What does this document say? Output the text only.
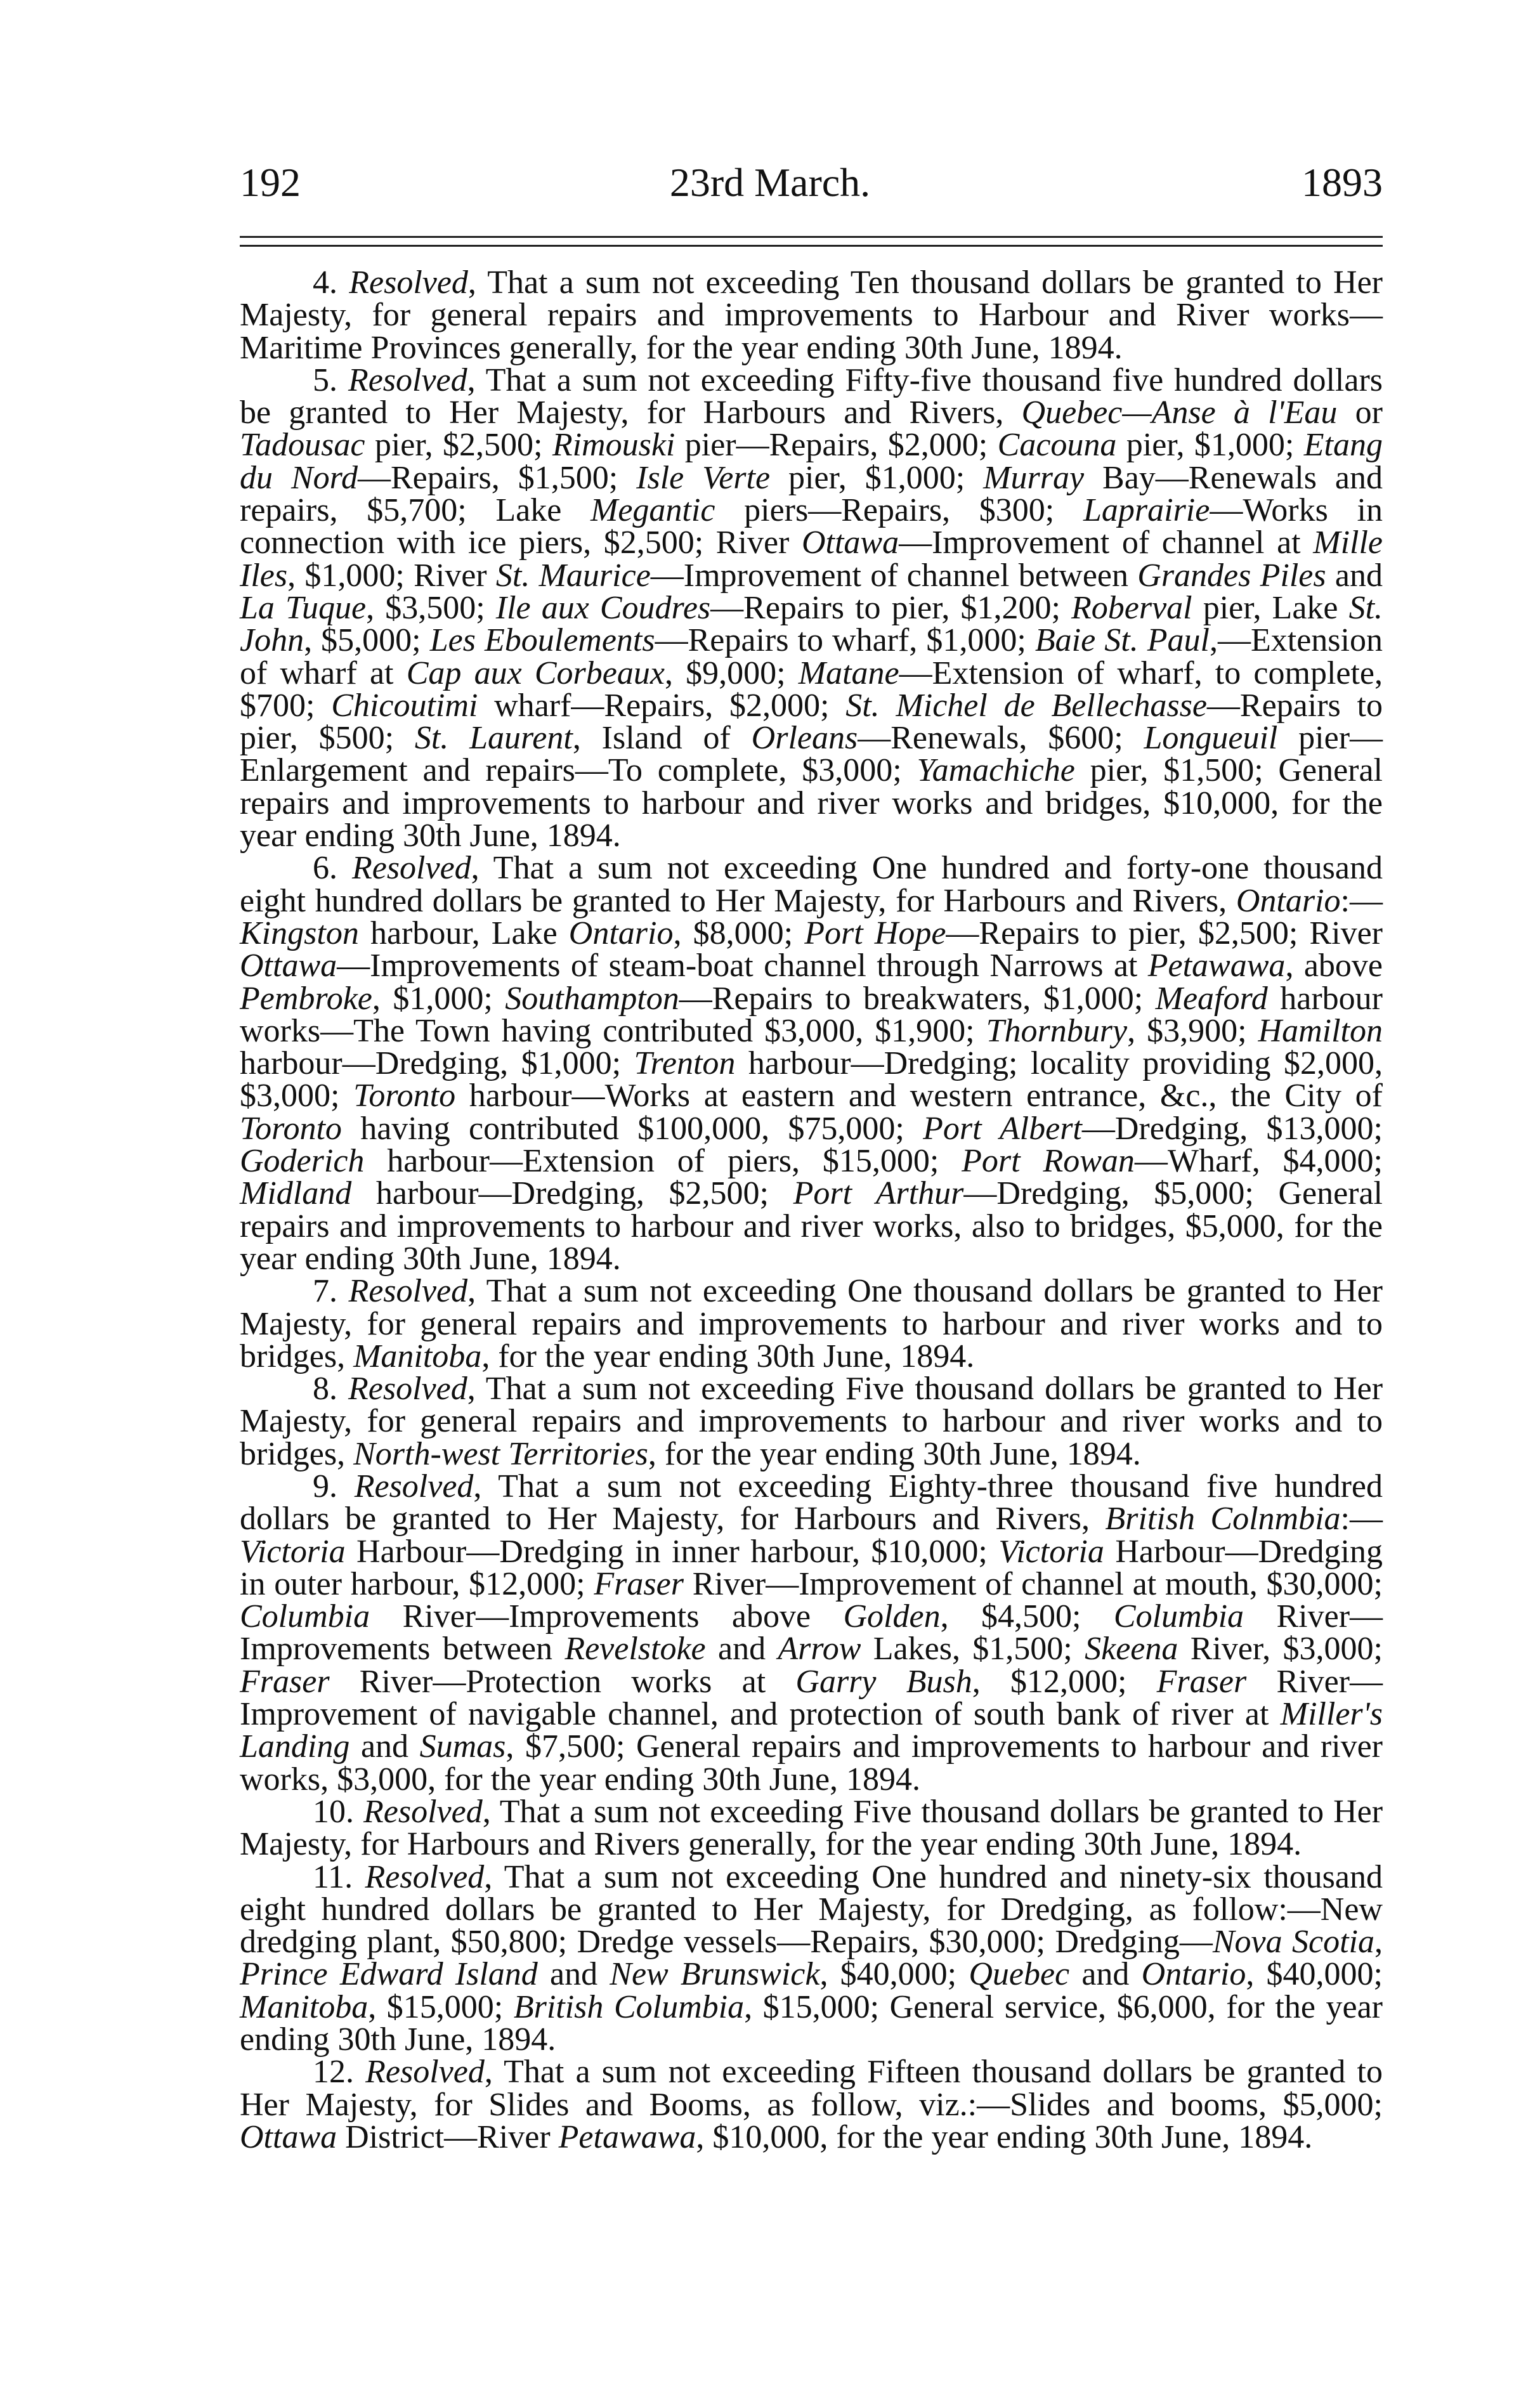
192	23rd March.	1893

4. Resolved, That a sum not exceeding Ten thousand dollars be granted to Her Majesty, for general repairs and improvements to Harbour and River works—Maritime Provinces generally, for the year ending 30th June, 1894.

5. Resolved, That a sum not exceeding Fifty-five thousand five hundred dollars be granted to Her Majesty, for Harbours and Rivers, Quebec—Anse à l'Eau or Tadousac pier, $2,500; Rimouski pier—Repairs, $2,000; Cacouna pier, $1,000; Etang du Nord—Repairs, $1,500; Isle Verte pier, $1,000; Murray Bay—Renewals and repairs, $5,700; Lake Megantic piers—Repairs, $300; Laprairie—Works in connection with ice piers, $2,500; River Ottawa—Improvement of channel at Mille Iles, $1,000; River St. Maurice—Improvement of channel between Grandes Piles and La Tuque, $3,500; Ile aux Coudres—Repairs to pier, $1,200; Roberval pier, Lake St. John, $5,000; Les Eboulements—Repairs to wharf, $1,000; Baie St. Paul,—Extension of wharf at Cap aux Corbeaux, $9,000; Matane—Extension of wharf, to complete, $700; Chicoutimi wharf—Repairs, $2,000; St. Michel de Bellechasse—Repairs to pier, $500; St. Laurent, Island of Orleans—Renewals, $600; Longueuil pier—Enlargement and repairs—To complete, $3,000; Yamachiche pier, $1,500; General repairs and improvements to harbour and river works and bridges, $10,000, for the year ending 30th June, 1894.

6. Resolved, That a sum not exceeding One hundred and forty-one thousand eight hundred dollars be granted to Her Majesty, for Harbours and Rivers, Ontario:—Kingston harbour, Lake Ontario, $8,000; Port Hope—Repairs to pier, $2,500; River Ottawa—Improvements of steam-boat channel through Narrows at Petawawa, above Pembroke, $1,000; Southampton—Repairs to breakwaters, $1,000; Meaford harbour works—The Town having contributed $3,000, $1,900; Thornbury, $3,900; Hamilton harbour—Dredging, $1,000; Trenton harbour—Dredging; locality providing $2,000, $3,000; Toronto harbour—Works at eastern and western entrance, &c., the City of Toronto having contributed $100,000, $75,000; Port Albert—Dredging, $13,000; Goderich harbour—Extension of piers, $15,000; Port Rowan—Wharf, $4,000; Midland harbour—Dredging, $2,500; Port Arthur—Dredging, $5,000; General repairs and improvements to harbour and river works, also to bridges, $5,000, for the year ending 30th June, 1894.

7. Resolved, That a sum not exceeding One thousand dollars be granted to Her Majesty, for general repairs and improvements to harbour and river works and to bridges, Manitoba, for the year ending 30th June, 1894.

8. Resolved, That a sum not exceeding Five thousand dollars be granted to Her Majesty, for general repairs and improvements to harbour and river works and to bridges, North-west Territories, for the year ending 30th June, 1894.

9. Resolved, That a sum not exceeding Eighty-three thousand five hundred dollars be granted to Her Majesty, for Harbours and Rivers, British Colnmbia:—Victoria Harbour—Dredging in inner harbour, $10,000; Victoria Harbour—Dredging in outer harbour, $12,000; Fraser River—Improvement of channel at mouth, $30,000; Columbia River—Improvements above Golden, $4,500; Columbia River—Improvements between Revelstoke and Arrow Lakes, $1,500; Skeena River, $3,000; Fraser River—Protection works at Garry Bush, $12,000; Fraser River—Improvement of navigable channel, and protection of south bank of river at Miller's Landing and Sumas, $7,500; General repairs and improvements to harbour and river works, $3,000, for the year ending 30th June, 1894.

10. Resolved, That a sum not exceeding Five thousand dollars be granted to Her Majesty, for Harbours and Rivers generally, for the year ending 30th June, 1894.

11. Resolved, That a sum not exceeding One hundred and ninety-six thousand eight hundred dollars be granted to Her Majesty, for Dredging, as follow:—New dredging plant, $50,800; Dredge vessels—Repairs, $30,000; Dredging—Nova Scotia, Prince Edward Island and New Brunswick, $40,000; Quebec and Ontario, $40,000; Manitoba, $15,000; British Columbia, $15,000; General service, $6,000, for the year ending 30th June, 1894.

12. Resolved, That a sum not exceeding Fifteen thousand dollars be granted to Her Majesty, for Slides and Booms, as follow, viz.:—Slides and booms, $5,000; Ottawa District—River Petawawa, $10,000, for the year ending 30th June, 1894.
